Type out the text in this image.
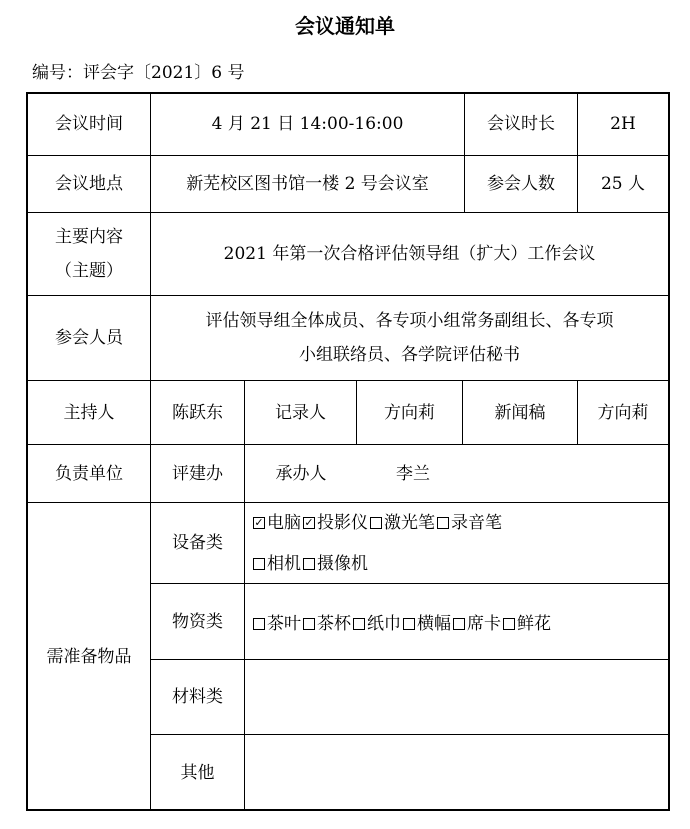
会议通知单
编号：评会字〔2021〕6 号
会议时间	4 月 21 日 14:00-16:00	会议时长	2H
会议地点	新芜校区图书馆一楼 2 号会议室	参会人数	25 人
主要内容
（主题）
2021 年第一次合格评估领导组（扩大）工作会议
参会人员
评估领导组全体成员、各专项小组常务副组长、各专项
小组联络员、各学院评估秘书
主持人	陈跃东	记录人	方向莉	新闻稿	方向莉
负责单位	评建办	承办人	李兰
需准备物品
设备类
物资类
材料类
其他
✓电脑✓ 投影仪 激光笔 录音笔
相机 摄像机
茶叶 茶杯 纸巾 横幅 席卡 鲜花
